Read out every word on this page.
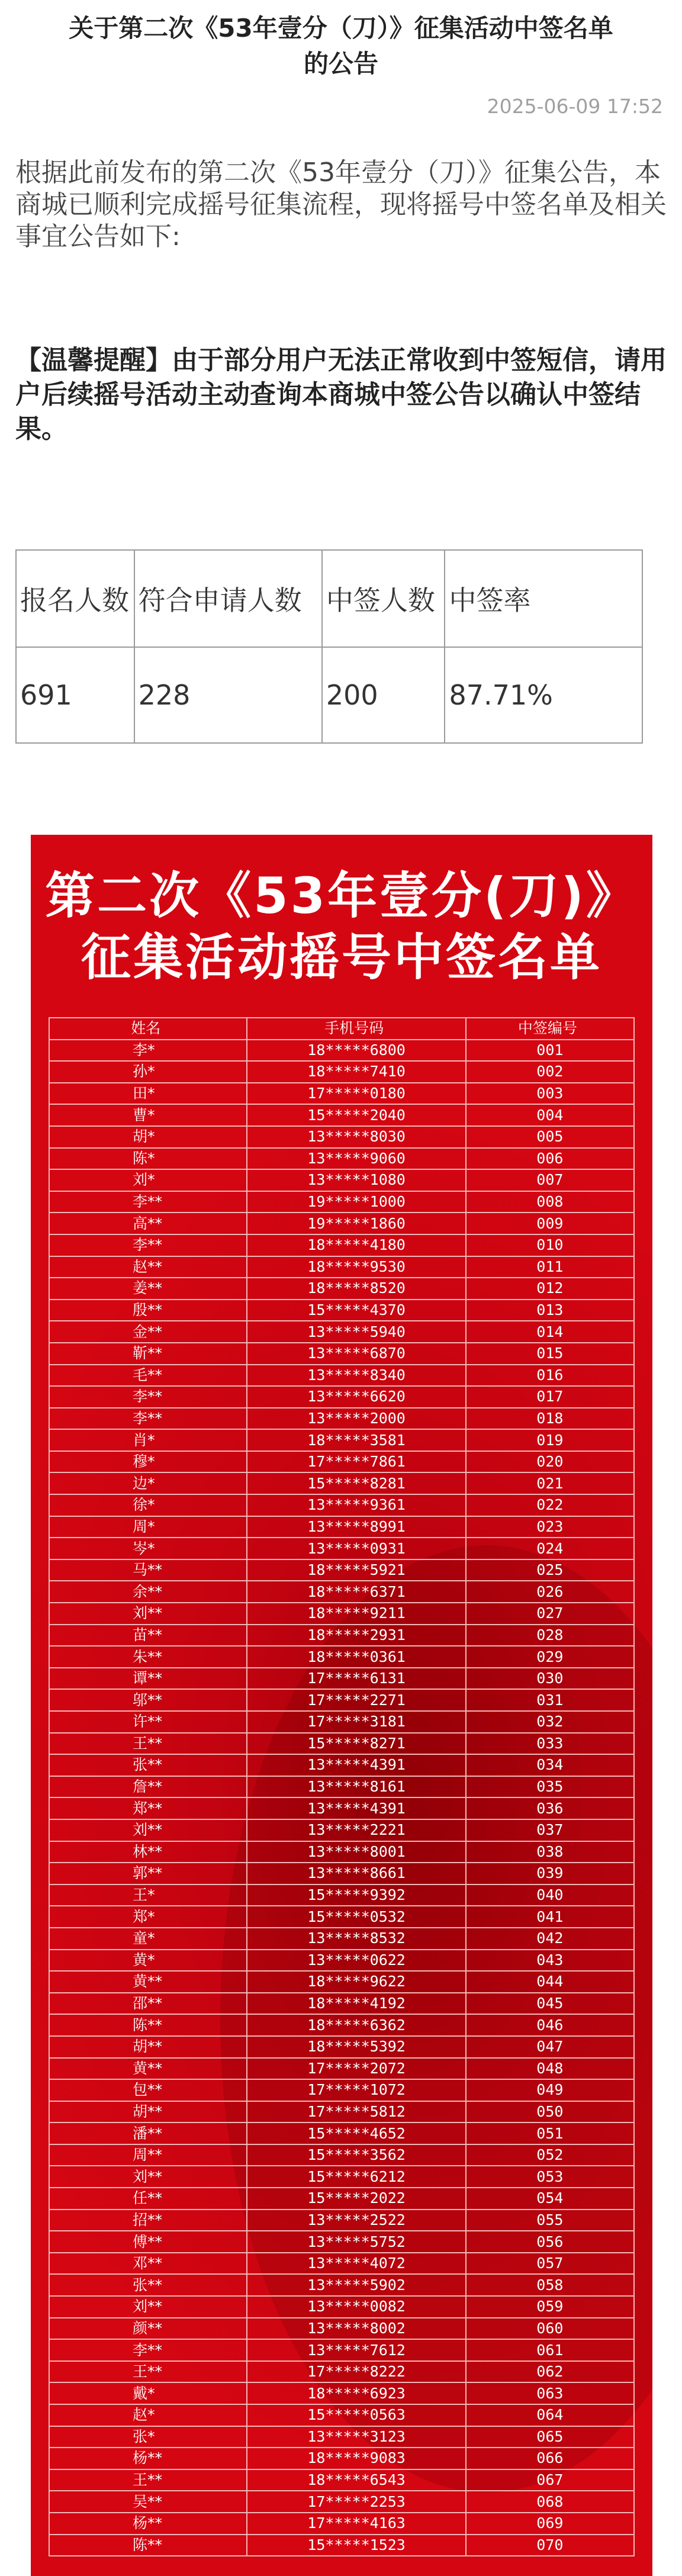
关于第二次《53年壹分（刀）》征集活动中签名单
的公告
2025-06-09 17:52
根据此前发布的第二次《53年壹分（刀）》征集公告，本商城已顺利完成摇号征集流程，现将摇号中签名单及相关事宜公告如下:
【温馨提醒】由于部分用户无法正常收到中签短信，请用户后续摇号活动主动查询本商城中签公告以确认中签结果。
报名人数	符合申请人数	中签人数	中签率
691	228	200	87.71%
第二次《53年壹分(刀)》
征集活动摇号中签名单
姓名	手机号码	中签编号
李*	18*****6800	001
孙*	18*****7410	002
田*	17*****0180	003
曹*	15*****2040	004
胡*	13*****8030	005
陈*	13*****9060	006
刘*	13*****1080	007
李**	19*****1000	008
高**	19*****1860	009
李**	18*****4180	010
赵**	18*****9530	011
姜**	18*****8520	012
殷**	15*****4370	013
金**	13*****5940	014
靳**	13*****6870	015
毛**	13*****8340	016
李**	13*****6620	017
李**	13*****2000	018
肖*	18*****3581	019
穆*	17*****7861	020
边*	15*****8281	021
徐*	13*****9361	022
周*	13*****8991	023
岑*	13*****0931	024
马**	18*****5921	025
余**	18*****6371	026
刘**	18*****9211	027
苗**	18*****2931	028
朱**	18*****0361	029
谭**	17*****6131	030
邬**	17*****2271	031
许**	17*****3181	032
王**	15*****8271	033
张**	13*****4391	034
詹**	13*****8161	035
郑**	13*****4391	036
刘**	13*****2221	037
林**	13*****8001	038
郭**	13*****8661	039
王*	15*****9392	040
郑*	15*****0532	041
童*	13*****8532	042
黄*	13*****0622	043
黄**	18*****9622	044
邵**	18*****4192	045
陈**	18*****6362	046
胡**	18*****5392	047
黄**	17*****2072	048
包**	17*****1072	049
胡**	17*****5812	050
潘**	15*****4652	051
周**	15*****3562	052
刘**	15*****6212	053
任**	15*****2022	054
招**	13*****2522	055
傅**	13*****5752	056
邓**	13*****4072	057
张**	13*****5902	058
刘**	13*****0082	059
颜**	13*****8002	060
李**	13*****7612	061
王**	17*****8222	062
戴*	18*****6923	063
赵*	15*****0563	064
张*	13*****3123	065
杨**	18*****9083	066
王**	18*****6543	067
吴**	17*****2253	068
杨**	17*****4163	069
陈**	15*****1523	070
